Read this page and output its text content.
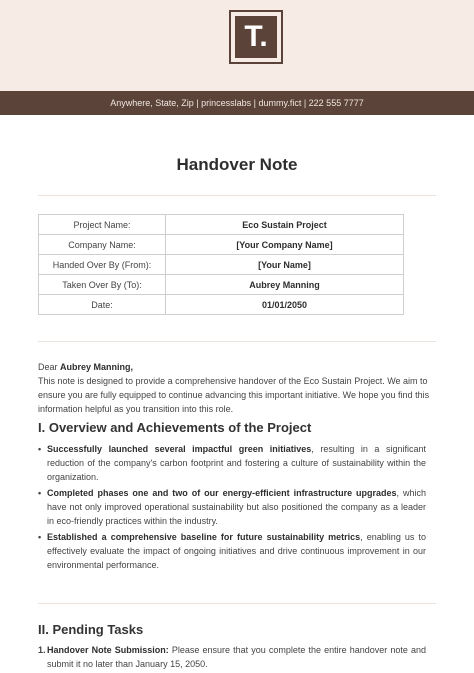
T.
Anywhere, State, Zip | princesslabs | dummy.fict | 222 555 7777
Handover Note
Project Name:	Eco Sustain Project
Company Name:	[Your Company Name]
Handed Over By (From):	[Your Name]
Taken Over By (To):	Aubrey Manning
Date:	01/01/2050
Dear Aubrey Manning,
This note is designed to provide a comprehensive handover of the Eco Sustain Project. We aim to ensure you are fully equipped to continue advancing this important initiative. We hope you find this information helpful as you transition into this role.
I. Overview and Achievements of the Project
• Successfully launched several impactful green initiatives, resulting in a significant reduction of the company's carbon footprint and fostering a culture of sustainability within the organization.
• Completed phases one and two of our energy-efficient infrastructure upgrades, which have not only improved operational sustainability but also positioned the company as a leader in eco-friendly practices within the industry.
• Established a comprehensive baseline for future sustainability metrics, enabling us to effectively evaluate the impact of ongoing initiatives and drive continuous improvement in our environmental performance.
II. Pending Tasks
1. Handover Note Submission: Please ensure that you complete the entire handover note and submit it no later than January 15, 2050.
